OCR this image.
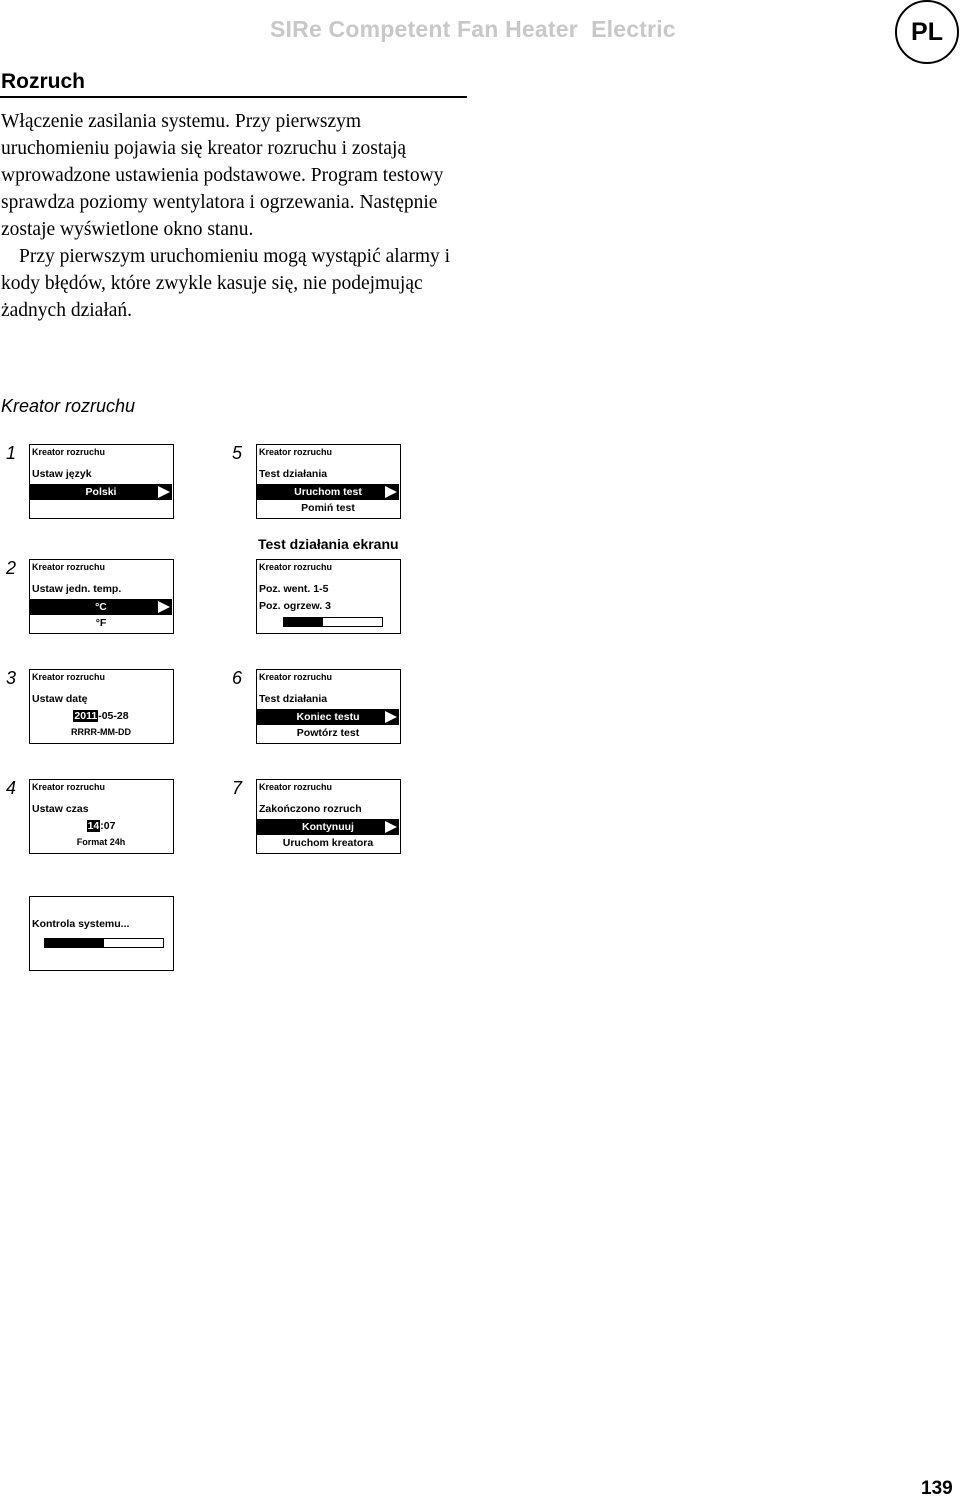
SIRe Competent Fan Heater  Electric	PL
Rozruch

Włączenie zasilania systemu. Przy pierwszym uruchomieniu pojawia się kreator rozruchu i zostają wprowadzone ustawienia podstawowe. Program testowy sprawdza poziomy wentylatora i ogrzewania. Następnie zostaje wyświetlone okno stanu.

Przy pierwszym uruchomieniu mogą wystąpić alarmy i kody błędów, które zwykle kasuje się, nie podejmując żadnych działań.

Kreator rozruchu
1 Kreator rozruchu
Ustaw język
Polski
2 Kreator rozruchu
Ustaw jedn. temp.
°C
°F
3 Kreator rozruchu
Ustaw datę
2011-05-28
RRRR-MM-DD
4 Kreator rozruchu
Ustaw czas
14:07
Format 24h
5 Kreator rozruchu
Test działania
Uruchom test
Pomiń test
Test działania ekranu
Kreator rozruchu
Poz. went. 1-5
Poz. ogrzew. 3
6 Kreator rozruchu
Test działania
Koniec testu
Powtórz test
7 Kreator rozruchu
Zakończono rozruch
Kontynuuj
Uruchom kreatora
Kontrola systemu...
139
